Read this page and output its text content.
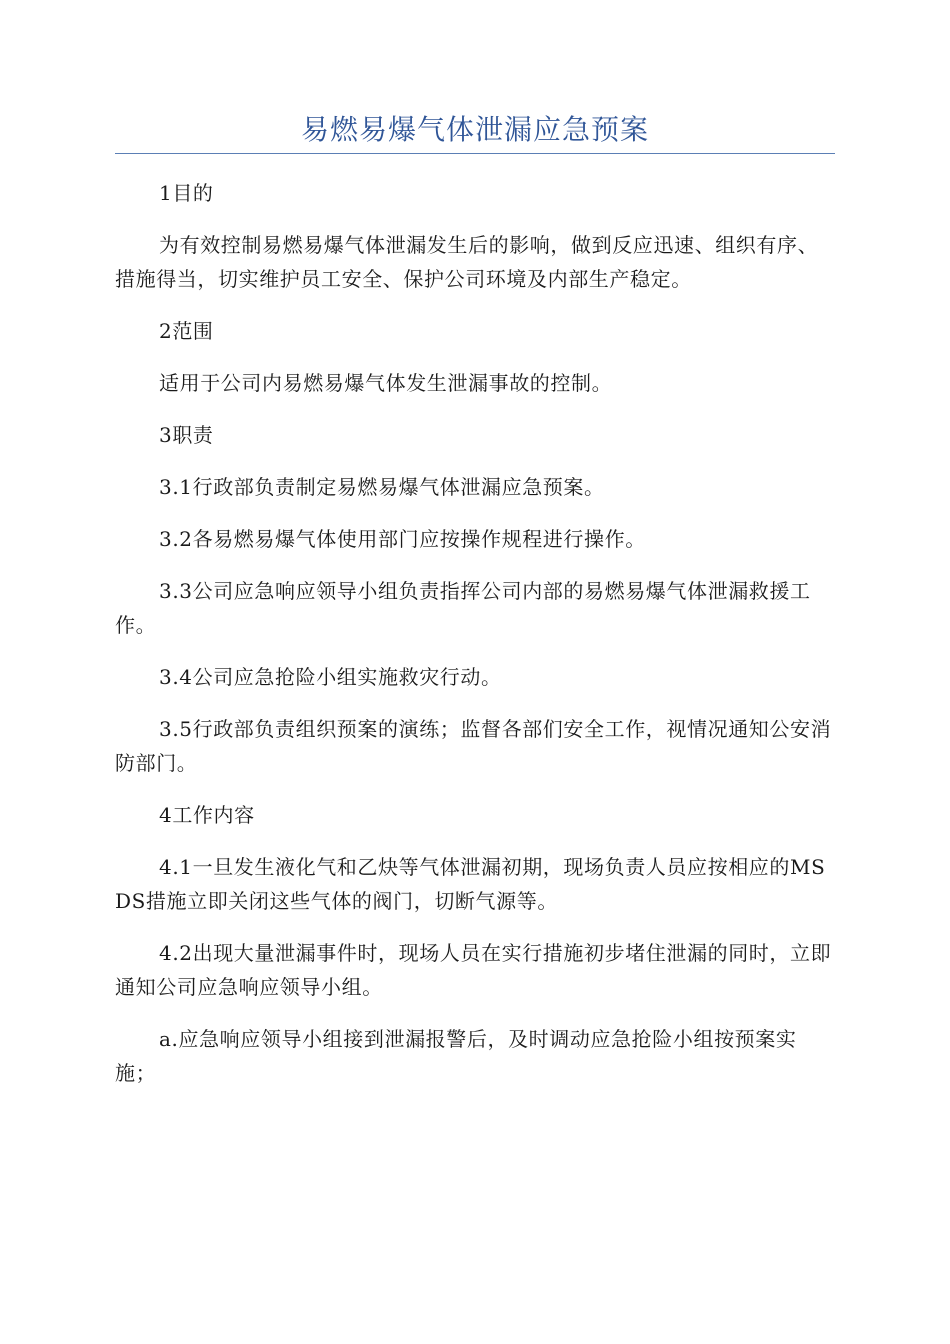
易燃易爆气体泄漏应急预案

1目的

为有效控制易燃易爆气体泄漏发生后的影响，做到反应迅速、组织有序、措施得当，切实维护员工安全、保护公司环境及内部生产稳定。

2范围

适用于公司内易燃易爆气体发生泄漏事故的控制。

3职责

3.1行政部负责制定易燃易爆气体泄漏应急预案。

3.2各易燃易爆气体使用部门应按操作规程进行操作。

3.3公司应急响应领导小组负责指挥公司内部的易燃易爆气体泄漏救援工作。

3.4公司应急抢险小组实施救灾行动。

3.5行政部负责组织预案的演练；监督各部们安全工作，视情况通知公安消防部门。

4工作内容

4.1一旦发生液化气和乙炔等气体泄漏初期，现场负责人员应按相应的MSDS措施立即关闭这些气体的阀门，切断气源等。

4.2出现大量泄漏事件时，现场人员在实行措施初步堵住泄漏的同时，立即通知公司应急响应领导小组。

a.应急响应领导小组接到泄漏报警后，及时调动应急抢险小组按预案实施；
